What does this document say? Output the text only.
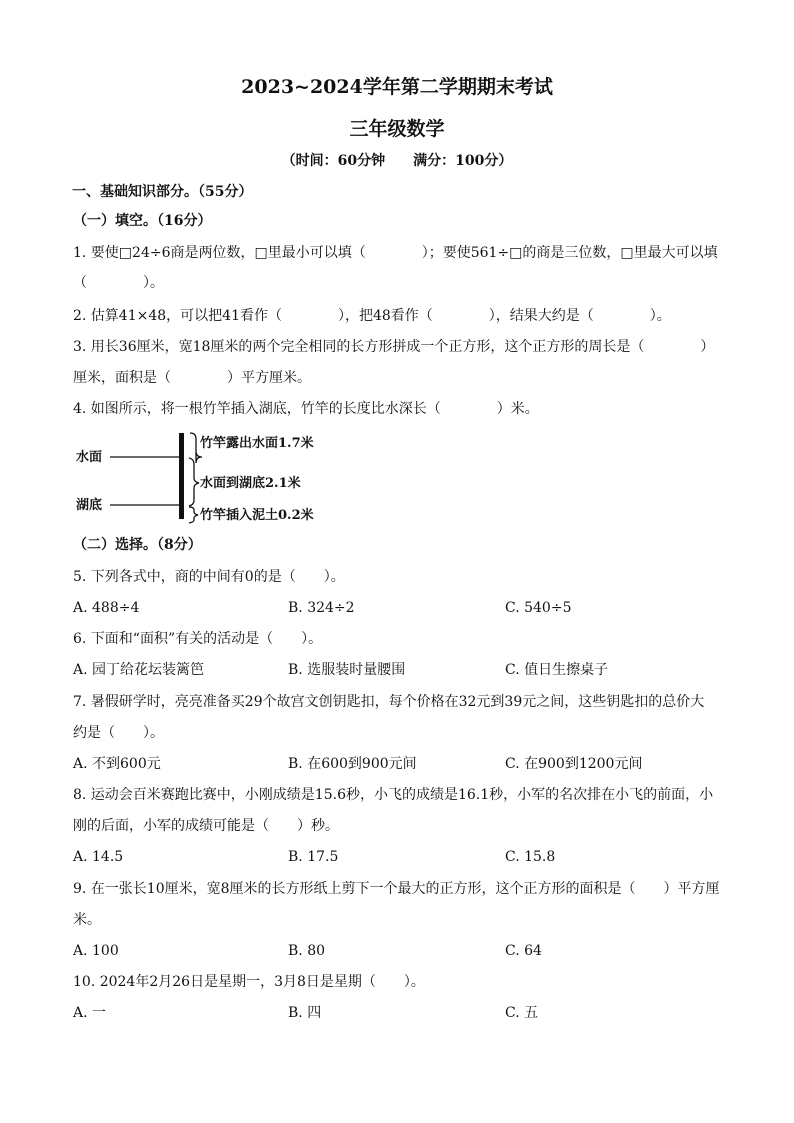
2023~2024学年第二学期期末考试
三年级数学
（时间：60分钟　　满分：100分）
一、基础知识部分。（55分）
（一）填空。（16分）
1. 要使□24÷6商是两位数，□里最小可以填（　　　　）；要使561÷□的商是三位数，□里最大可以填
（　　　　）。
2. 估算41×48，可以把41看作（　　　　），把48看作（　　　　），结果大约是（　　　　）。
3. 用长36厘米，宽18厘米的两个完全相同的长方形拼成一个正方形，这个正方形的周长是（　　　　）
厘米，面积是（　　　　）平方厘米。
4. 如图所示，将一根竹竿插入湖底，竹竿的长度比水深长（　　　　）米。
水面
湖底
竹竿露出水面1.7米
水面到湖底2.1米
竹竿插入泥土0.2米
（二）选择。（8分）
5. 下列各式中，商的中间有0的是（　　）。
A. 488÷4	B. 324÷2	C. 540÷5
6. 下面和“面积”有关的活动是（　　）。
A. 园丁给花坛装篱笆	B. 选服装时量腰围	C. 值日生擦桌子
7. 暑假研学时，亮亮准备买29个故宫文创钥匙扣，每个价格在32元到39元之间，这些钥匙扣的总价大
约是（　　）。
A. 不到600元	B. 在600到900元间	C. 在900到1200元间
8. 运动会百米赛跑比赛中，小刚成绩是15.6秒，小飞的成绩是16.1秒，小军的名次排在小飞的前面，小
刚的后面，小军的成绩可能是（　　）秒。
A. 14.5	B. 17.5	C. 15.8
9. 在一张长10厘米，宽8厘米的长方形纸上剪下一个最大的正方形，这个正方形的面积是（　　）平方厘
米。
A. 100	B. 80	C. 64
10. 2024年2月26日是星期一，3月8日是星期（　　）。
A. 一	B. 四	C. 五
